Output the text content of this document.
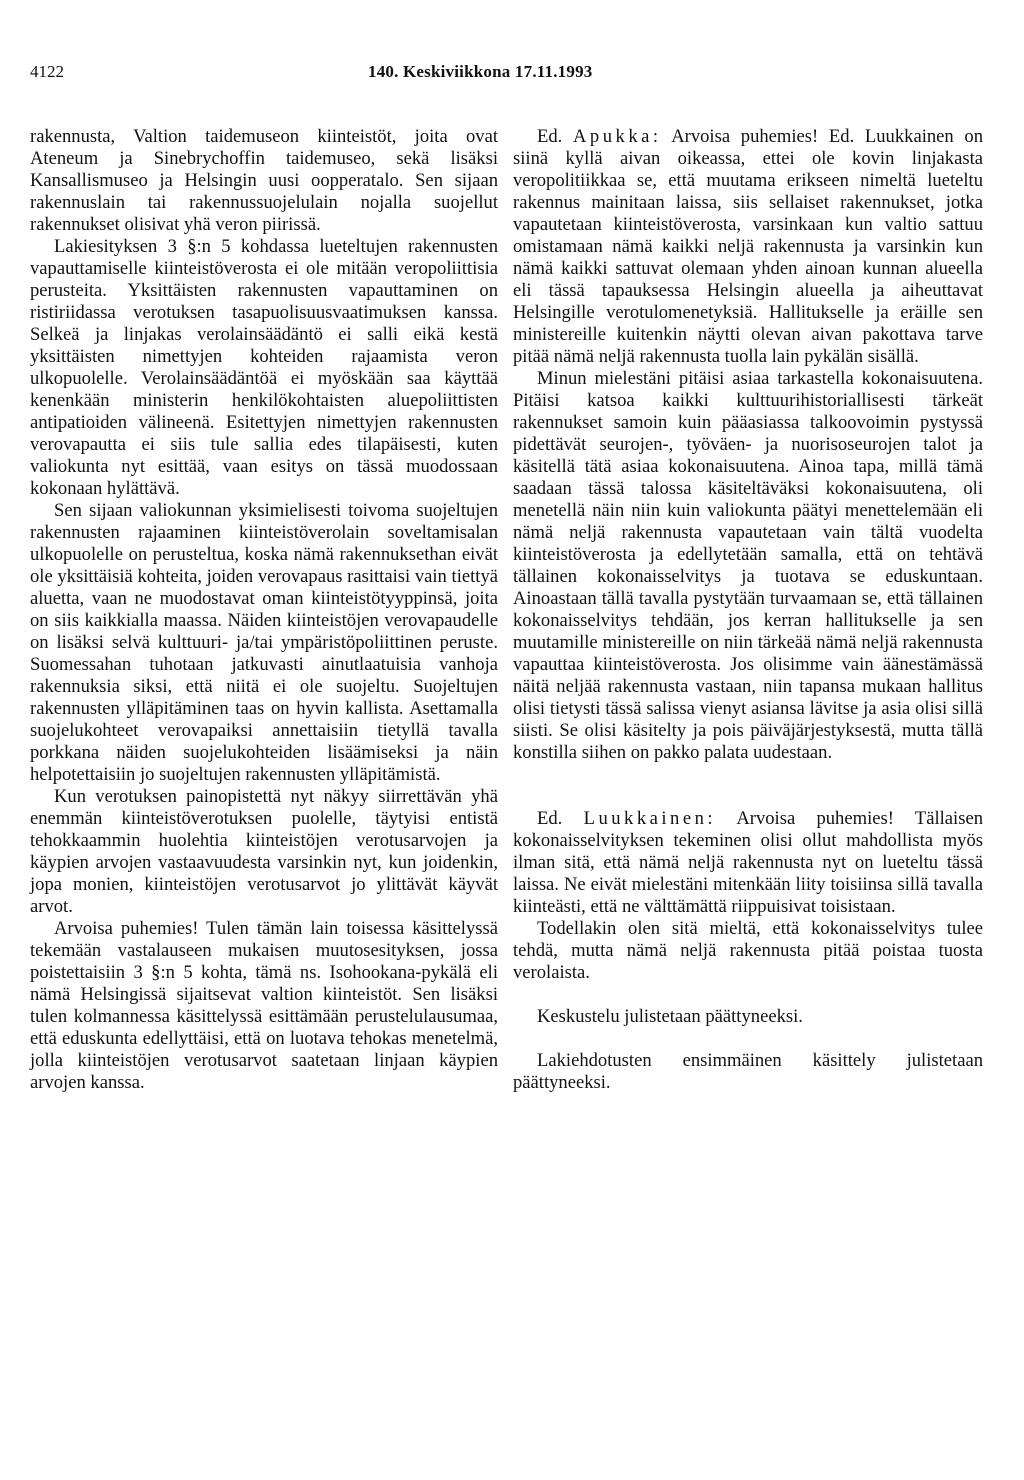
4122	140. Keskiviikkona 17.11.1993

rakennusta, Valtion taidemuseon kiinteistöt, joita ovat Ateneum ja Sinebrychoffin taidemuseo, sekä lisäksi Kansallismuseo ja Helsingin uusi oopperatalo. Sen sijaan rakennuslain tai rakennussuojelulain nojalla suojellut rakennukset olisivat yhä veron piirissä.

Lakiesityksen 3 §:n 5 kohdassa lueteltujen rakennusten vapauttamiselle kiinteistöverosta ei ole mitään veropoliittisia perusteita. Yksittäisten rakennusten vapauttaminen on ristiriidassa verotuksen tasapuolisuusvaatimuksen kanssa. Selkeä ja linjakas verolainsäädäntö ei salli eikä kestä yksittäisten nimettyjen kohteiden rajaamista veron ulkopuolelle. Verolainsäädäntöä ei myöskään saa käyttää kenenkään ministerin henkilökohtaisten aluepoliittisten antipatioiden välineenä. Esitettyjen nimettyjen rakennusten verovapautta ei siis tule sallia edes tilapäisesti, kuten valiokunta nyt esittää, vaan esitys on tässä muodossaan kokonaan hylättävä.

Sen sijaan valiokunnan yksimielisesti toivoma suojeltujen rakennusten rajaaminen kiinteistöverolain soveltamisalan ulkopuolelle on perusteltua, koska nämä rakennuksethan eivät ole yksittäisiä kohteita, joiden verovapaus rasittaisi vain tiettyä aluetta, vaan ne muodostavat oman kiinteistötyyppinsä, joita on siis kaikkialla maassa. Näiden kiinteistöjen verovapaudelle on lisäksi selvä kulttuuri- ja/tai ympäristöpoliittinen peruste. Suomessahan tuhotaan jatkuvasti ainutlaatuisia vanhoja rakennuksia siksi, että niitä ei ole suojeltu. Suojeltujen rakennusten ylläpitäminen taas on hyvin kallista. Asettamalla suojelukohteet verovapaiksi annettaisiin tietyllä tavalla porkkana näiden suojelukohteiden lisäämiseksi ja näin helpotettaisiin jo suojeltujen rakennusten ylläpitämistä.

Kun verotuksen painopistettä nyt näkyy siirrettävän yhä enemmän kiinteistöverotuksen puolelle, täytyisi entistä tehokkaammin huolehtia kiinteistöjen verotusarvojen ja käypien arvojen vastaavuudesta varsinkin nyt, kun joidenkin, jopa monien, kiinteistöjen verotusarvot jo ylittävät käyvät arvot.

Arvoisa puhemies! Tulen tämän lain toisessa käsittelyssä tekemään vastalauseen mukaisen muutosesityksen, jossa poistettaisiin 3 §:n 5 kohta, tämä ns. Isohookana-pykälä eli nämä Helsingissä sijaitsevat valtion kiinteistöt. Sen lisäksi tulen kolmannessa käsittelyssä esittämään perustelulausumaa, että eduskunta edellyttäisi, että on luotava tehokas menetelmä, jolla kiinteistöjen verotusarvot saatetaan linjaan käypien arvojen kanssa.

Ed. Apukka: Arvoisa puhemies! Ed. Luukkainen on siinä kyllä aivan oikeassa, ettei ole kovin linjakasta veropolitiikkaa se, että muutama erikseen nimeltä lueteltu rakennus mainitaan laissa, siis sellaiset rakennukset, jotka vapautetaan kiinteistöverosta, varsinkaan kun valtio sattuu omistamaan nämä kaikki neljä rakennusta ja varsinkin kun nämä kaikki sattuvat olemaan yhden ainoan kunnan alueella eli tässä tapauksessa Helsingin alueella ja aiheuttavat Helsingille verotulomenetyksiä. Hallitukselle ja eräille sen ministereille kuitenkin näytti olevan aivan pakottava tarve pitää nämä neljä rakennusta tuolla lain pykälän sisällä.

Minun mielestäni pitäisi asiaa tarkastella kokonaisuutena. Pitäisi katsoa kaikki kulttuurihistoriallisesti tärkeät rakennukset samoin kuin pääasiassa talkoovoimin pystyssä pidettävät seurojen-, työväen- ja nuorisoseurojen talot ja käsitellä tätä asiaa kokonaisuutena. Ainoa tapa, millä tämä saadaan tässä talossa käsiteltäväksi kokonaisuutena, oli menetellä näin niin kuin valiokunta päätyi menettelemään eli nämä neljä rakennusta vapautetaan vain tältä vuodelta kiinteistöverosta ja edellytetään samalla, että on tehtävä tällainen kokonaisselvitys ja tuotava se eduskuntaan. Ainoastaan tällä tavalla pystytään turvaamaan se, että tällainen kokonaisselvitys tehdään, jos kerran hallitukselle ja sen muutamille ministereille on niin tärkeää nämä neljä rakennusta vapauttaa kiinteistöverosta. Jos olisimme vain äänestämässä näitä neljää rakennusta vastaan, niin tapansa mukaan hallitus olisi tietysti tässä salissa vienyt asiansa lävitse ja asia olisi sillä siisti. Se olisi käsitelty ja pois päiväjärjestyksestä, mutta tällä konstilla siihen on pakko palata uudestaan.

Ed. Luukkainen: Arvoisa puhemies! Tällaisen kokonaisselvityksen tekeminen olisi ollut mahdollista myös ilman sitä, että nämä neljä rakennusta nyt on lueteltu tässä laissa. Ne eivät mielestäni mitenkään liity toisiinsa sillä tavalla kiinteästi, että ne välttämättä riippuisivat toisistaan.

Todellakin olen sitä mieltä, että kokonaisselvitys tulee tehdä, mutta nämä neljä rakennusta pitää poistaa tuosta verolaista.

Keskustelu julistetaan päättyneeksi.

Lakiehdotusten ensimmäinen käsittely julistetaan päättyneeksi.
